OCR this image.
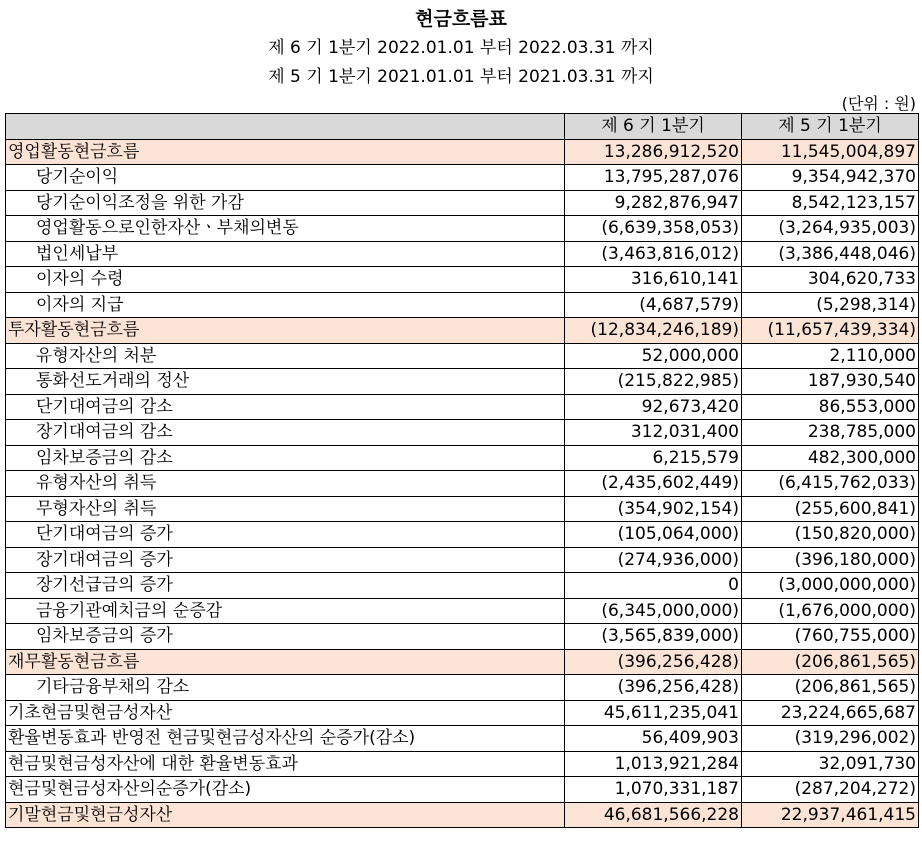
현금흐름표
제 6 기 1분기 2022.01.01 부터 2022.03.31 까지
제 5 기 1분기 2021.01.01 부터 2021.03.31 까지
(단위 : 원)
	제 6 기 1분기	제 5 기 1분기
영업활동현금흐름	13,286,912,520	11,545,004,897
당기순이익	13,795,287,076	9,354,942,370
당기순이익조정을 위한 가감	9,282,876,947	8,542,123,157
영업활동으로인한자산ㆍ부채의변동	(6,639,358,053)	(3,264,935,003)
법인세납부	(3,463,816,012)	(3,386,448,046)
이자의 수령	316,610,141	304,620,733
이자의 지급	(4,687,579)	(5,298,314)
투자활동현금흐름	(12,834,246,189)	(11,657,439,334)
유형자산의 처분	52,000,000	2,110,000
통화선도거래의 정산	(215,822,985)	187,930,540
단기대여금의 감소	92,673,420	86,553,000
장기대여금의 감소	312,031,400	238,785,000
임차보증금의 감소	6,215,579	482,300,000
유형자산의 취득	(2,435,602,449)	(6,415,762,033)
무형자산의 취득	(354,902,154)	(255,600,841)
단기대여금의 증가	(105,064,000)	(150,820,000)
장기대여금의 증가	(274,936,000)	(396,180,000)
장기선급금의 증가	0	(3,000,000,000)
금융기관예치금의 순증감	(6,345,000,000)	(1,676,000,000)
임차보증금의 증가	(3,565,839,000)	(760,755,000)
재무활동현금흐름	(396,256,428)	(206,861,565)
기타금융부채의 감소	(396,256,428)	(206,861,565)
기초현금및현금성자산	45,611,235,041	23,224,665,687
환율변동효과 반영전 현금및현금성자산의 순증가(감소)	56,409,903	(319,296,002)
현금및현금성자산에 대한 환율변동효과	1,013,921,284	32,091,730
현금및현금성자산의순증가(감소)	1,070,331,187	(287,204,272)
기말현금및현금성자산	46,681,566,228	22,937,461,415
